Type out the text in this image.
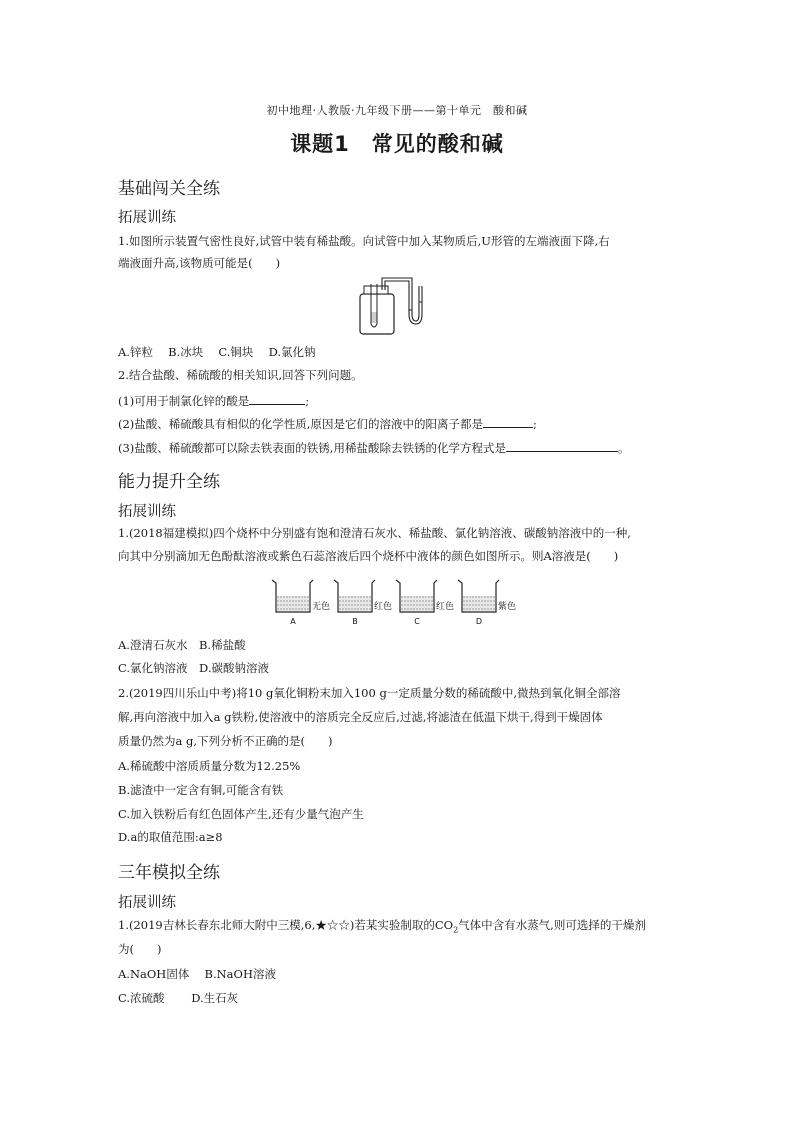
初中地理·人教版·九年级下册——第十单元　酸和碱
课题1　常见的酸和碱
基础闯关全练
拓展训练
1.如图所示装置气密性良好,试管中装有稀盐酸。向试管中加入某物质后,U形管的左端液面下降,右
端液面升高,该物质可能是(　　)
A.锌粒　 B.冰块　 C.铜块　 D.氯化钠
2.结合盐酸、稀硫酸的相关知识,回答下列问题。
(1)可用于制氯化锌的酸是	;
(2)盐酸、稀硫酸具有相似的化学性质,原因是它们的溶液中的阳离子都是	;
(3)盐酸、稀硫酸都可以除去铁表面的铁锈,用稀盐酸除去铁锈的化学方程式是	。
能力提升全练
拓展训练
1.(2018福建模拟)四个烧杯中分别盛有饱和澄清石灰水、稀盐酸、氯化钠溶液、碳酸钠溶液中的一种,
向其中分别滴加无色酚酞溶液或紫色石蕊溶液后四个烧杯中液体的颜色如图所示。则A溶液是(　　)
无色
A
红色
B
红色
C
紫色
D
A.澄清石灰水　B.稀盐酸
C.氯化钠溶液　D.碳酸钠溶液
2.(2019四川乐山中考)将10 g氧化铜粉末加入100 g一定质量分数的稀硫酸中,微热到氧化铜全部溶
解,再向溶液中加入a g铁粉,使溶液中的溶质完全反应后,过滤,将滤渣在低温下烘干,得到干燥固体
质量仍然为a g,下列分析不正确的是(　　)
A.稀硫酸中溶质质量分数为12.25%
B.滤渣中一定含有铜,可能含有铁
C.加入铁粉后有红色固体产生,还有少量气泡产生
D.a的取值范围:a≥8
三年模拟全练
拓展训练
1.(2019吉林长春东北师大附中三模,6,★☆☆)若某实验制取的$CO_2$气体中含有水蒸气,则可选择的干燥剂
为(　　)
A.NaOH固体　 B.NaOH溶液
C.浓硫酸　　 D.生石灰
